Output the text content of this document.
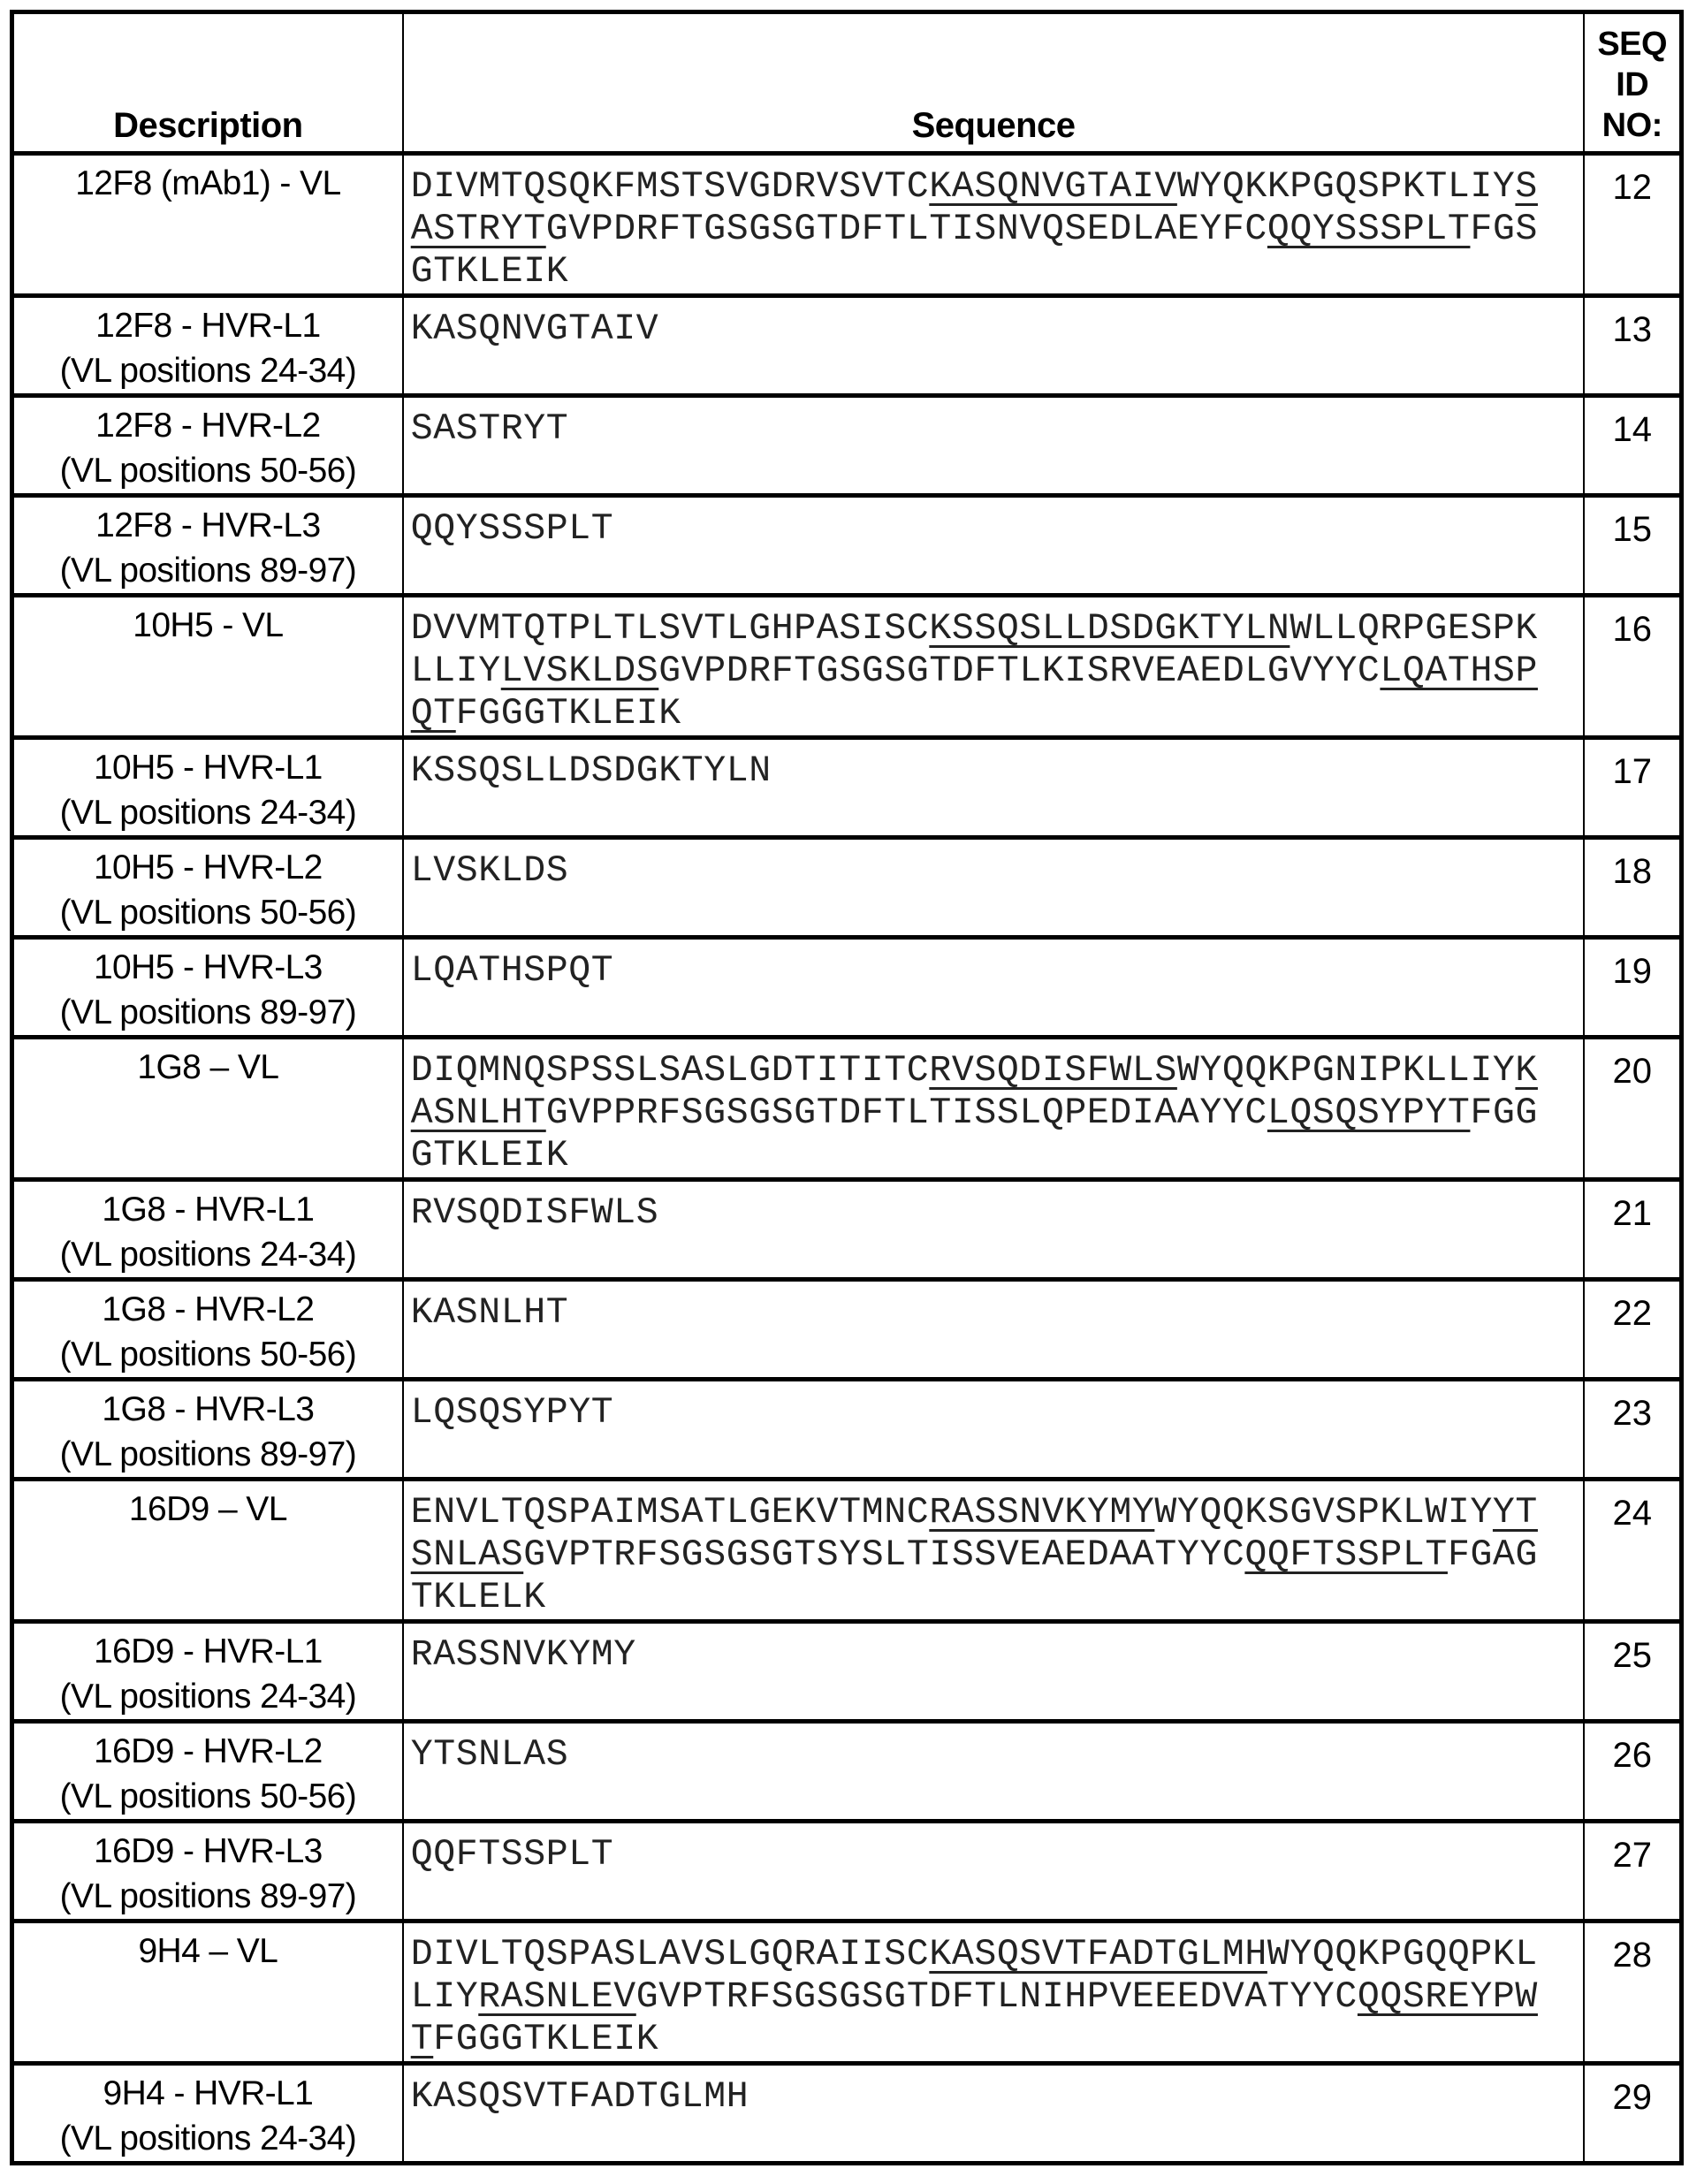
Description	Sequence	SEQ
ID
NO:

12F8 (mAb1) - VL	DIVMTQSQKFMSTSVGDRVSVTCKASQNVGTAIVWYQKKPGQSPKTLIYS
ASTRYTGVPDRFTGSGSGTDFTLTISNVQSEDLAEYFCQQYSSSPLTFGS
GTKLEIK	12

12F8 - HVR-L1
(VL positions 24-34)	KASQNVGTAIV	13

12F8 - HVR-L2
(VL positions 50-56)	SASTRYT	14

12F8 - HVR-L3
(VL positions 89-97)	QQYSSSPLT	15

10H5 - VL	DVVMTQTPLTLSVTLGHPASISCKSSQSLLDSDGKTYLNWLLQRPGESPK
LLIYLVSKLDSGVPDRFTGSGSGTDFTLKISRVEAEDLGVYYCLQATHSP
QTFGGGTKLEIK	16

10H5 - HVR-L1
(VL positions 24-34)	KSSQSLLDSDGKTYLN	17

10H5 - HVR-L2
(VL positions 50-56)	LVSKLDS	18

10H5 - HVR-L3
(VL positions 89-97)	LQATHSPQT	19

1G8 – VL	DIQMNQSPSSLSASLGDTITITCRVSQDISFWLSWYQQKPGNIPKLLIYK
ASNLHTGVPPRFSGSGSGTDFTLTISSLQPEDIAAYYCLQSQSYPYTFGG
GTKLEIK	20

1G8 - HVR-L1
(VL positions 24-34)	RVSQDISFWLS	21

1G8 - HVR-L2
(VL positions 50-56)	KASNLHT	22

1G8 - HVR-L3
(VL positions 89-97)	LQSQSYPYT	23

16D9 – VL	ENVLTQSPAIMSATLGEKVTMNCRASSNVKYMYWYQQKSGVSPKLWIYYT
SNLASGVPTRFSGSGSGTSYSLTISSVEAEDAATYYCQQFTSSPLTFGAG
TKLELK	24

16D9 - HVR-L1
(VL positions 24-34)	RASSNVKYMY	25

16D9 - HVR-L2
(VL positions 50-56)	YTSNLAS	26

16D9 - HVR-L3
(VL positions 89-97)	QQFTSSPLT	27

9H4 – VL	DIVLTQSPASLAVSLGQRAIISCKASQSVTFADTGLMHWYQQKPGQQPKL
LIYRASNLEVGVPTRFSGSGSGTDFTLNIHPVEEEDVATYYCQQSREYPW
TFGGGTKLEIK	28

9H4 - HVR-L1
(VL positions 24-34)	KASQSVTFADTGLMH	29
